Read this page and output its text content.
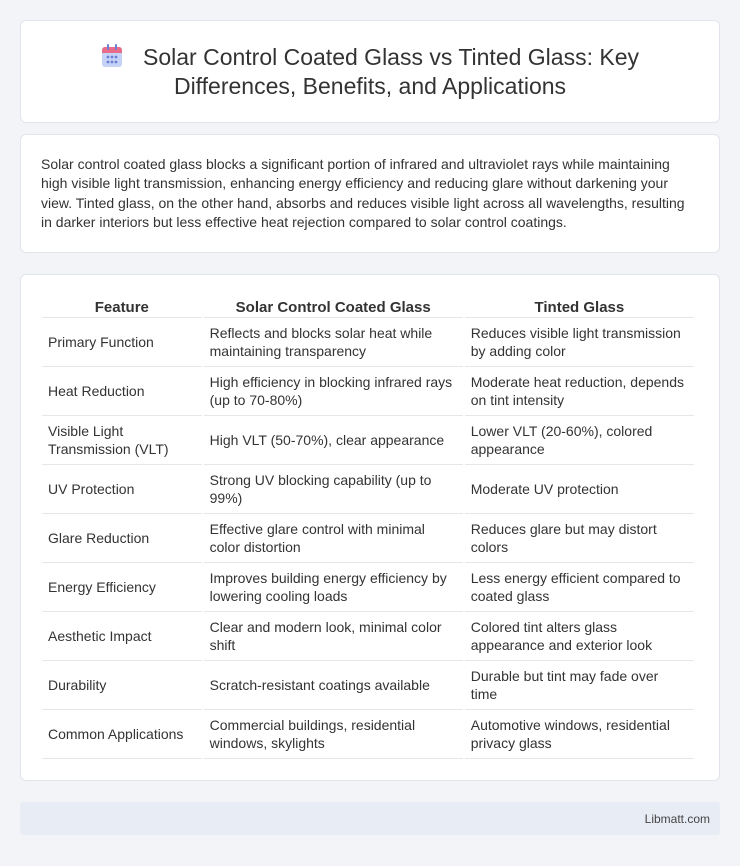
Solar Control Coated Glass vs Tinted Glass: Key Differences, Benefits, and Applications

Solar control coated glass blocks a significant portion of infrared and ultraviolet rays while maintaining high visible light transmission, enhancing energy efficiency and reducing glare without darkening your view. Tinted glass, on the other hand, absorbs and reduces visible light across all wavelengths, resulting in darker interiors but less effective heat rejection compared to solar control coatings.

Feature	Solar Control Coated Glass	Tinted Glass
Primary Function	Reflects and blocks solar heat while maintaining transparency	Reduces visible light transmission by adding color
Heat Reduction	High efficiency in blocking infrared rays (up to 70-80%)	Moderate heat reduction, depends on tint intensity
Visible Light Transmission (VLT)	High VLT (50-70%), clear appearance	Lower VLT (20-60%), colored appearance
UV Protection	Strong UV blocking capability (up to 99%)	Moderate UV protection
Glare Reduction	Effective glare control with minimal color distortion	Reduces glare but may distort colors
Energy Efficiency	Improves building energy efficiency by lowering cooling loads	Less energy efficient compared to coated glass
Aesthetic Impact	Clear and modern look, minimal color shift	Colored tint alters glass appearance and exterior look
Durability	Scratch-resistant coatings available	Durable but tint may fade over time
Common Applications	Commercial buildings, residential windows, skylights	Automotive windows, residential privacy glass
Libmatt.com
